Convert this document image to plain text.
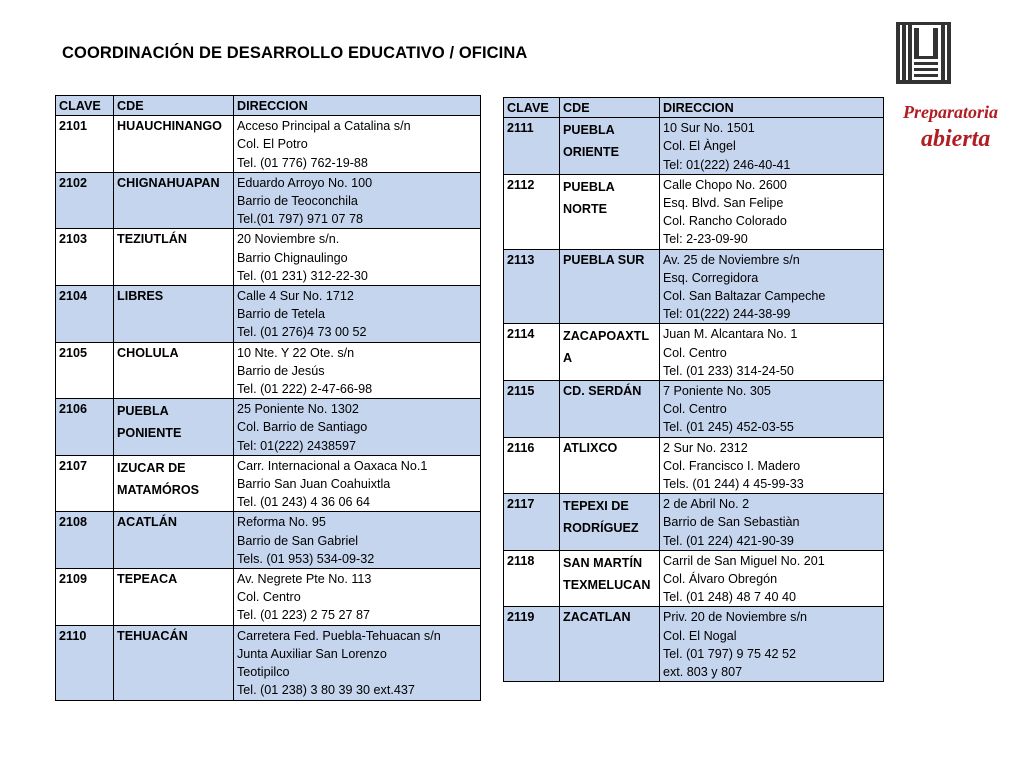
COORDINACIÓN DE DESARROLLO EDUCATIVO / OFICINA
Preparatoria
abierta
CLAVE	CDE	DIRECCION
2101	HUAUCHINANGO	Acceso Principal a Catalina s/n
Col. El Potro
Tel. (01 776) 762-19-88

2102	CHIGNAHUAPAN	Eduardo Arroyo No. 100
Barrio de Teoconchila
Tel.(01 797) 971 07 78

2103	TEZIUTLÁN	20 Noviembre s/n.
Barrio Chignaulingo
Tel. (01 231) 312-22-30

2104	LIBRES	Calle 4 Sur No. 1712
Barrio de Tetela
Tel. (01 276)4 73 00 52

2105	CHOLULA	10 Nte. Y 22 Ote. s/n
Barrio de Jesús
Tel. (01 222) 2-47-66-98

2106	PUEBLA
PONIENTE	25 Poniente No. 1302
Col. Barrio de Santiago
Tel: 01(222) 2438597

2107	IZUCAR DE
MATAMÓROS	Carr. Internacional a Oaxaca No.1
Barrio San Juan Coahuixtla
Tel. (01 243) 4 36 06 64

2108	ACATLÁN	Reforma No. 95
Barrio de San Gabriel
Tels. (01 953) 534-09-32

2109	TEPEACA	Av. Negrete Pte No. 113
Col. Centro
Tel. (01 223) 2 75 27 87

2110	TEHUACÁN	Carretera Fed. Puebla-Tehuacan s/n
Junta Auxiliar San Lorenzo
Teotipilco
Tel. (01 238) 3 80 39 30 ext.437
CLAVE	CDE	DIRECCION
2111	PUEBLA
ORIENTE	10 Sur No. 1501
Col. El Àngel
Tel: 01(222) 246-40-41

2112	PUEBLA
NORTE	Calle Chopo No. 2600
Esq. Blvd. San Felipe
Col. Rancho Colorado
Tel: 2-23-09-90

2113	PUEBLA SUR	Av. 25 de Noviembre s/n
Esq. Corregidora
Col. San Baltazar Campeche
Tel: 01(222) 244-38-99

2114	ZACAPOAXTL
A	Juan M. Alcantara No. 1
Col. Centro
Tel. (01 233) 314-24-50

2115	CD. SERDÁN	7 Poniente No. 305
Col. Centro
Tel. (01 245) 452-03-55

2116	ATLIXCO	2 Sur No. 2312
Col. Francisco I. Madero
Tels. (01 244) 4 45-99-33

2117	TEPEXI DE
RODRÍGUEZ	2 de Abril No. 2
Barrio de San Sebastiàn
Tel. (01 224) 421-90-39

2118	SAN MARTÍN
TEXMELUCAN	Carril de San Miguel No. 201
Col. Álvaro Obregón
Tel. (01 248) 48 7 40 40

2119	ZACATLAN	Priv. 20 de Noviembre s/n
Col. El Nogal
Tel. (01 797) 9 75 42 52
ext. 803 y 807
